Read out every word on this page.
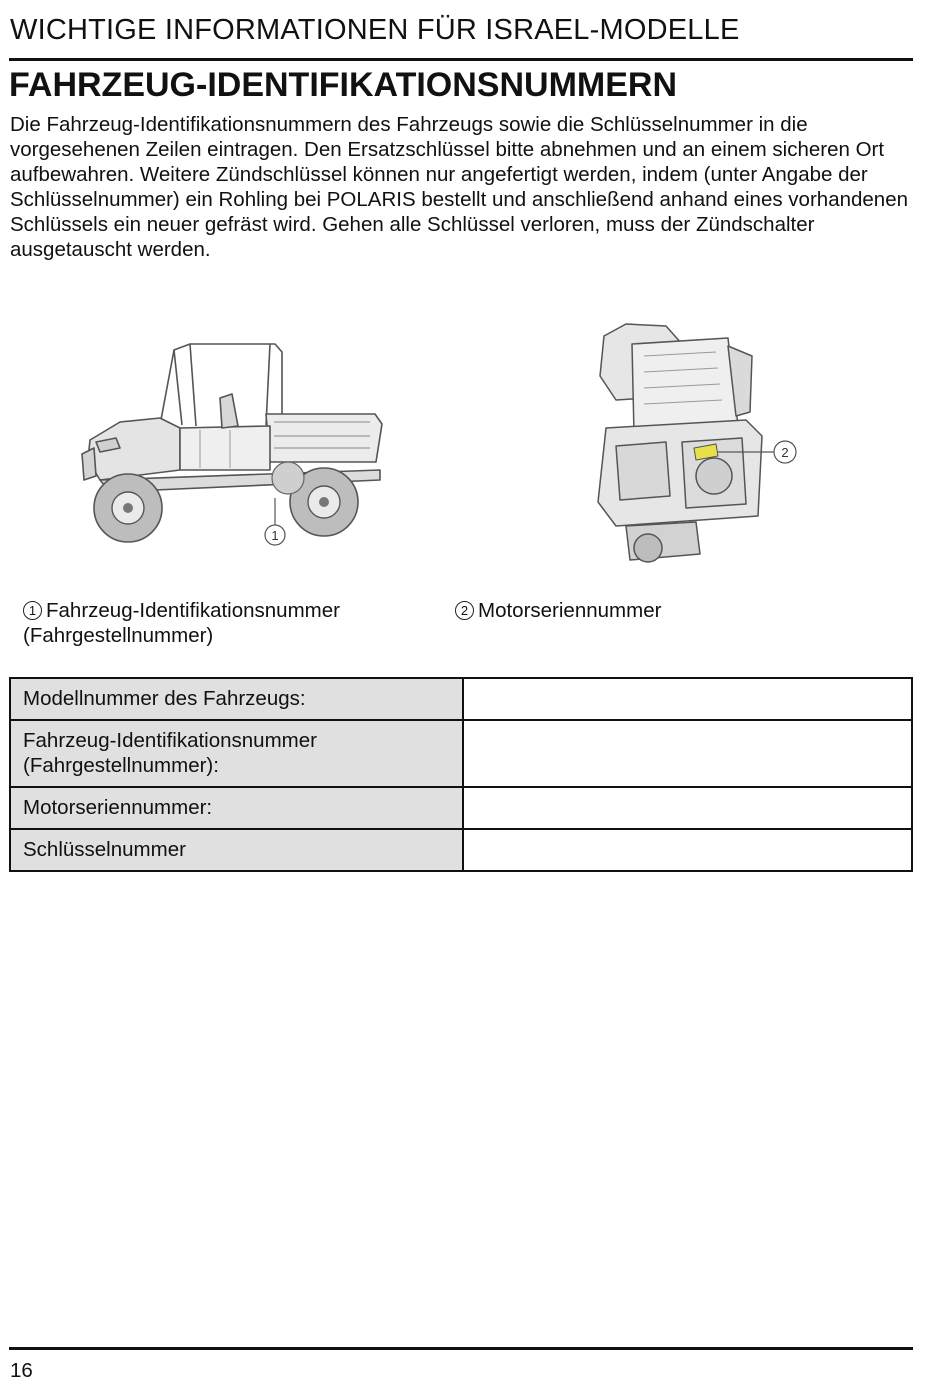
WICHTIGE INFORMATIONEN FÜR ISRAEL-MODELLE
FAHRZEUG-IDENTIFIKATIONSNUMMERN
Die Fahrzeug-Identifikationsnummern des Fahrzeugs sowie die Schlüsselnummer in die vorgesehenen Zeilen eintragen. Den Ersatzschlüssel bitte abnehmen und an einem sicheren Ort aufbewahren. Weitere Zündschlüssel können nur angefertigt werden, indem (unter Angabe der Schlüsselnummer) ein Rohling bei POLARIS bestellt und anschließend anhand eines vorhandenen Schlüssels ein neuer gefräst wird. Gehen alle Schlüssel verloren, muss der Zündschalter ausgetauscht werden.
1
2
1 Fahrzeug-Identifikationsnummer (Fahrgestellnummer)
2 Motorseriennummer
Modellnummer des Fahrzeugs:	
Fahrzeug-Identifikationsnummer (Fahrgestellnummer):	
Motorseriennummer:	
Schlüsselnummer	
16
